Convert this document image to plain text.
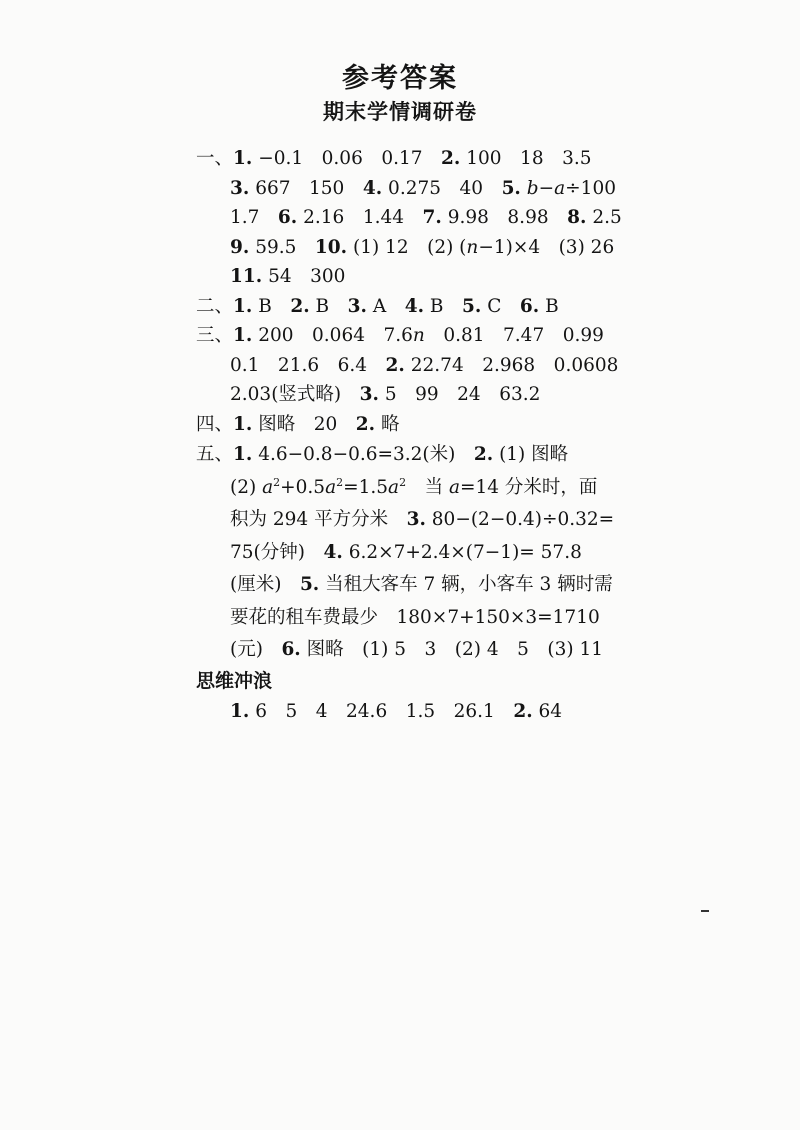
参考答案
期末学情调研卷
一、1. −0.1　0.06　0.17　2. 100　18　3.5
3. 667　150　4. 0.275　40　5. b−a÷100
1.7　6. 2.16　1.44　7. 9.98　8.98　8. 2.5
9. 59.5　10. (1) 12　(2) (n−1)×4　(3) 26
11. 54　300
二、1. B　2. B　3. A　4. B　5. C　6. B
三、1. 200　0.064　7.6n　0.81　7.47　0.99
0.1　21.6　6.4　2. 22.74　2.968　0.0608
2.03(竖式略)　3. 5　99　24　63.2
四、1. 图略　20　2. 略
五、1. 4.6−0.8−0.6=3.2(米)　2. (1) 图略
(2) $a^2+0.5a^2=1.5a^2$　当 a=14 分米时，面
积为 294 平方分米　3. 80−(2−0.4)÷0.32=
75(分钟)　4. 6.2×7+2.4×(7−1)= 57.8
(厘米)　5. 当租大客车 7 辆，小客车 3 辆时需
要花的租车费最少　180×7+150×3=1710
(元)　6. 图略　(1) 5　3　(2) 4　5　(3) 11
思维冲浪
1. 6　5　4　24.6　1.5　26.1　2. 64
